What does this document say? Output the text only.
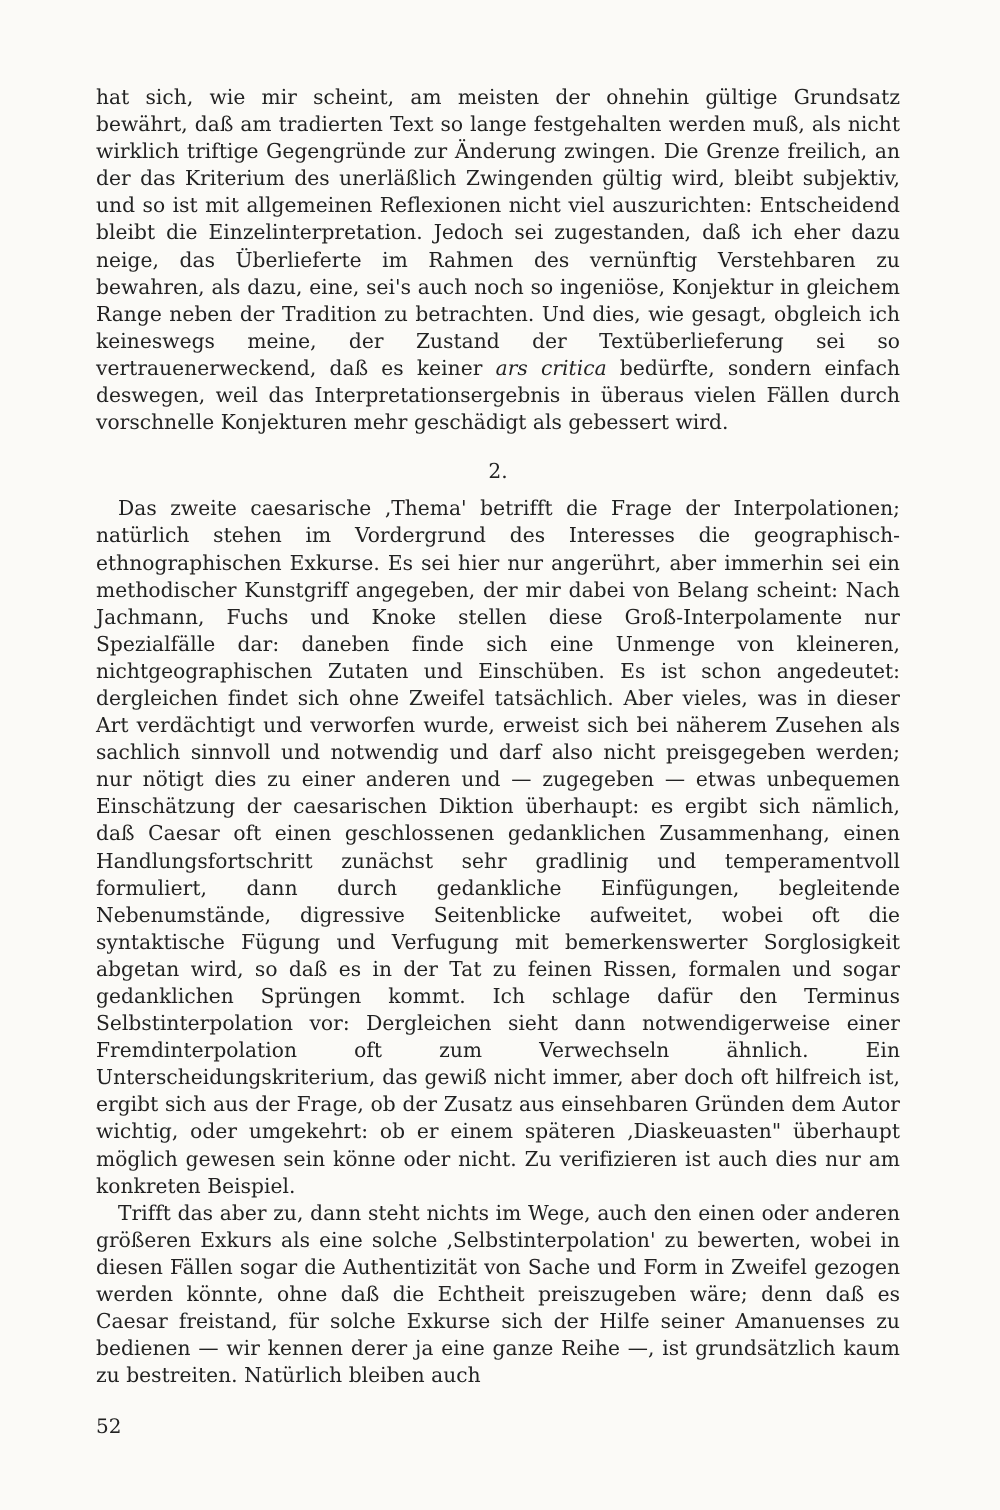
hat sich, wie mir scheint, am meisten der ohnehin gültige Grundsatz bewährt, daß am tradierten Text so lange festgehalten werden muß, als nicht wirklich triftige Gegengründe zur Änderung zwingen. Die Grenze freilich, an der das Kriterium des unerläßlich Zwingenden gültig wird, bleibt subjektiv, und so ist mit allgemeinen Reflexionen nicht viel auszurichten: Entscheidend bleibt die Einzelinterpretation. Jedoch sei zugestanden, daß ich eher dazu neige, das Überlieferte im Rahmen des vernünftig Verstehbaren zu bewahren, als dazu, eine, sei's auch noch so ingeniöse, Konjektur in gleichem Range neben der Tradition zu betrachten. Und dies, wie gesagt, obgleich ich keineswegs meine, der Zustand der Textüberlieferung sei so vertrauenerweckend, daß es keiner ars critica bedürfte, sondern einfach deswegen, weil das Interpretationsergebnis in überaus vielen Fällen durch vorschnelle Konjekturen mehr geschädigt als gebessert wird.

2.

Das zweite caesarische ‚Thema' betrifft die Frage der Interpolationen; natürlich stehen im Vordergrund des Interesses die geographisch-ethnographischen Exkurse. Es sei hier nur angerührt, aber immerhin sei ein methodischer Kunstgriff angegeben, der mir dabei von Belang scheint: Nach Jachmann, Fuchs und Knoke stellen diese Groß-Interpolamente nur Spezialfälle dar: daneben finde sich eine Unmenge von kleineren, nichtgeographischen Zutaten und Einschüben. Es ist schon angedeutet: dergleichen findet sich ohne Zweifel tatsächlich. Aber vieles, was in dieser Art verdächtigt und verworfen wurde, erweist sich bei näherem Zusehen als sachlich sinnvoll und notwendig und darf also nicht preisgegeben werden; nur nötigt dies zu einer anderen und — zugegeben — etwas unbequemen Einschätzung der caesarischen Diktion überhaupt: es ergibt sich nämlich, daß Caesar oft einen geschlossenen gedanklichen Zusammenhang, einen Handlungsfortschritt zunächst sehr gradlinig und temperamentvoll formuliert, dann durch gedankliche Einfügungen, begleitende Nebenumstände, digressive Seitenblicke aufweitet, wobei oft die syntaktische Fügung und Verfugung mit bemerkenswerter Sorglosigkeit abgetan wird, so daß es in der Tat zu feinen Rissen, formalen und sogar gedanklichen Sprüngen kommt. Ich schlage dafür den Terminus Selbstinterpolation vor: Dergleichen sieht dann notwendigerweise einer Fremdinterpolation oft zum Verwechseln ähnlich. Ein Unterscheidungskriterium, das gewiß nicht immer, aber doch oft hilfreich ist, ergibt sich aus der Frage, ob der Zusatz aus einsehbaren Gründen dem Autor wichtig, oder umgekehrt: ob er einem späteren ‚Diaskeuasten" überhaupt möglich gewesen sein könne oder nicht. Zu verifizieren ist auch dies nur am konkreten Beispiel.

Trifft das aber zu, dann steht nichts im Wege, auch den einen oder anderen größeren Exkurs als eine solche ‚Selbstinterpolation' zu bewerten, wobei in diesen Fällen sogar die Authentizität von Sache und Form in Zweifel gezogen werden könnte, ohne daß die Echtheit preiszugeben wäre; denn daß es Caesar freistand, für solche Exkurse sich der Hilfe seiner Amanuenses zu bedienen — wir kennen derer ja eine ganze Reihe —, ist grundsätzlich kaum zu bestreiten. Natürlich bleiben auch

52
